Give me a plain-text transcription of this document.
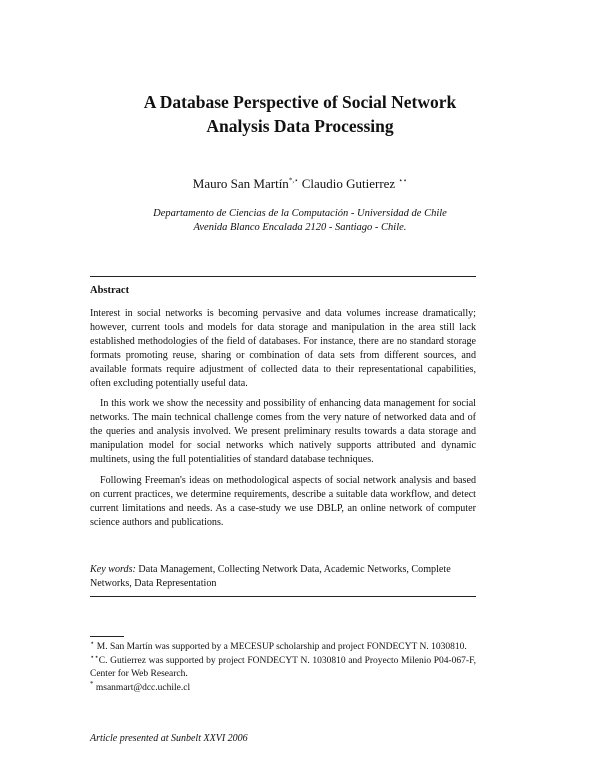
A Database Perspective of Social Network
Analysis Data Processing
Mauro San Martín*,⋆ Claudio Gutierrez ⋆⋆
Departamento de Ciencias de la Computación - Universidad de Chile
Avenida Blanco Encalada 2120 - Santiago - Chile.
Abstract

Interest in social networks is becoming pervasive and data volumes increase dramatically; however, current tools and models for data storage and manipulation in the area still lack established methodologies of the field of databases. For instance, there are no standard storage formats promoting reuse, sharing or combination of data sets from different sources, and available formats require adjustment of collected data to their representational capabilities, often excluding potentially useful data.

In this work we show the necessity and possibility of enhancing data management for social networks. The main technical challenge comes from the very nature of networked data and of the queries and analysis involved. We present preliminary results towards a data storage and manipulation model for social networks which natively supports attributed and dynamic multinets, using the full potentialities of standard database techniques.

Following Freeman's ideas on methodological aspects of social network analysis and based on current practices, we determine requirements, describe a suitable data workflow, and detect current limitations and needs. As a case-study we use DBLP, an online network of computer science authors and publications.

Key words: Data Management, Collecting Network Data, Academic Networks, Complete Networks, Data Representation

⋆ M. San Martín was supported by a MECESUP scholarship and project FONDECYT N. 1030810.

⋆⋆C. Gutierrez was supported by project FONDECYT N. 1030810 and Proyecto Milenio P04-067-F, Center for Web Research.

* msanmart@dcc.uchile.cl

Article presented at Sunbelt XXVI 2006
